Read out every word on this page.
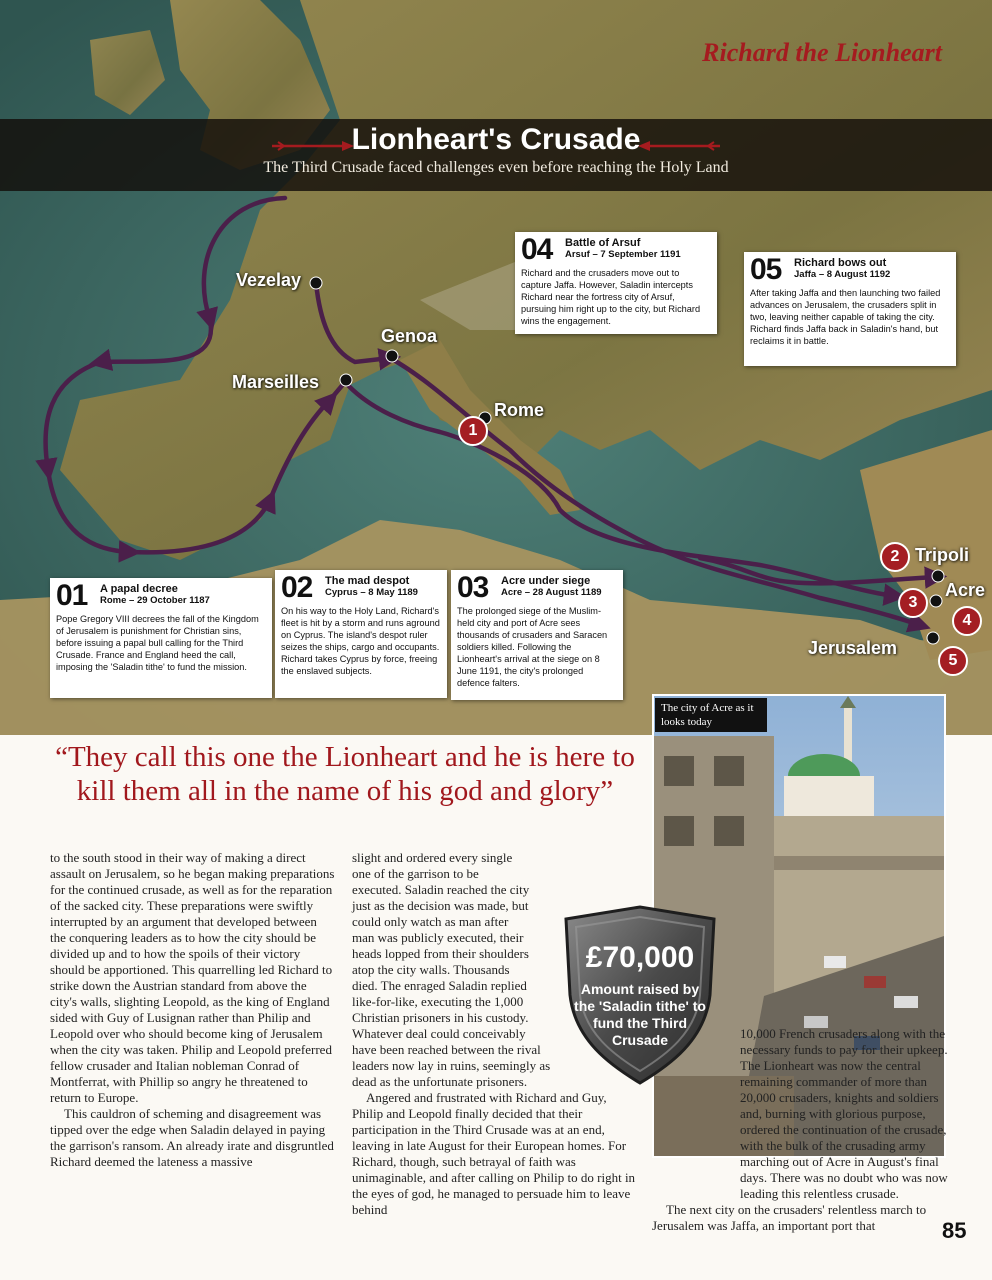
Richard the Lionheart

Lionheart's Crusade

The Third Crusade faced challenges even before reaching the Holy Land

Vezelay

Genoa

Marseilles

Rome

Tripoli

Acre

Jerusalem

1
2
3
4
5

01 A papal decree

Rome – 29 October 1187

Pope Gregory VIII decrees the fall of the Kingdom of Jerusalem is punishment for Christian sins, before issuing a papal bull calling for the Third Crusade. France and England heed the call, imposing the 'Saladin tithe' to fund the mission.

02 The mad despot

Cyprus – 8 May 1189

On his way to the Holy Land, Richard's fleet is hit by a storm and runs aground on Cyprus. The island's despot ruler seizes the ships, cargo and occupants. Richard takes Cyprus by force, freeing the enslaved subjects.

03 Acre under siege

Acre – 28 August 1189

The prolonged siege of the Muslim-held city and port of Acre sees thousands of crusaders and Saracen soldiers killed. Following the Lionheart's arrival at the siege on 8 June 1191, the city's prolonged defence falters.

04 Battle of Arsuf

Arsuf – 7 September 1191

Richard and the crusaders move out to capture Jaffa. However, Saladin intercepts Richard near the fortress city of Arsuf, pursuing him right up to the city, but Richard wins the engagement.

05 Richard bows out

Jaffa – 8 August 1192

After taking Jaffa and then launching two failed advances on Jerusalem, the crusaders split in two, leaving neither capable of taking the city. Richard finds Jaffa back in Saladin's hand, but reclaims it in battle.

The city of Acre as it looks today

“They call this one the Lionheart and he is here to kill them all in the name of his god and glory”

to the south stood in their way of making a direct assault on Jerusalem, so he began making preparations for the continued crusade, as well as for the reparation of the sacked city. These preparations were swiftly interrupted by an argument that developed between the conquering leaders as to how the city should be divided up and to how the spoils of their victory should be apportioned. This quarrelling led Richard to strike down the Austrian standard from above the city's walls, slighting Leopold, as the king of England sided with Guy of Lusignan rather than Philip and Leopold over who should become king of Jerusalem when the city was taken. Philip and Leopold preferred fellow crusader and Italian nobleman Conrad of Montferrat, with Phillip so angry he threatened to return to Europe.

This cauldron of scheming and disagreement was tipped over the edge when Saladin delayed in paying the garrison's ransom. An already irate and disgruntled Richard deemed the lateness a massive

slight and ordered every single one of the garrison to be executed. Saladin reached the city just as the decision was made, but could only watch as man after man was publicly executed, their heads lopped from their shoulders atop the city walls. Thousands died. The enraged Saladin replied like-for-like, executing the 1,000 Christian prisoners in his custody. Whatever deal could conceivably have been reached between the rival leaders now lay in ruins, seemingly as dead as the unfortunate prisoners.

Angered and frustrated with Richard and Guy, Philip and Leopold finally decided that their participation in the Third Crusade was at an end, leaving in late August for their European homes. For Richard, though, such betrayal of faith was unimaginable, and after calling on Philip to do right in the eyes of god, he managed to persuade him to leave behind

10,000 French crusaders along with the necessary funds to pay for their upkeep. The Lionheart was now the central remaining commander of more than 20,000 crusaders, knights and soldiers and, burning with glorious purpose, ordered the continuation of the crusade, with the bulk of the crusading army marching out of Acre in August's final days. There was no doubt who was now leading this relentless crusade.

The next city on the crusaders' relentless march to Jerusalem was Jaffa, an important port that

£70,000

Amount raised by the 'Saladin tithe' to fund the Third Crusade

85
